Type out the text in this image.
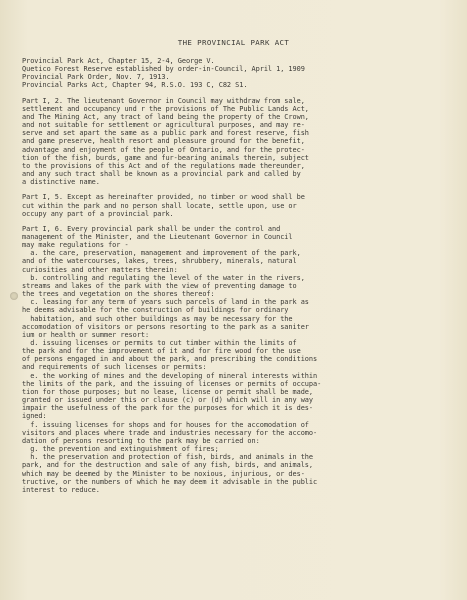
THE PROVINCIAL PARK ACT
Provincial Park Act, Chapter 15, 2-4, George V.
Quetico Forest Reserve established by order-in-Council, April 1, 1909
Provincial Park Order, Nov. 7, 1913.
Provincial Parks Act, Chapter 94, R.S.O. 193 C, C82 S1.
Part I, 2. The lieutenant Governor in Council may withdraw from sale,
settlement and occupancy und r the provisions of The Public Lands Act,
and The Mining Act, any tract of land being the property of the Crown,
and not suitable for settlement or agricultural purposes, and may re-
serve and set apart the same as a public park and forest reserve, fish
and game preserve, health resort and pleasure ground for the benefit,
advantage and enjoyment of the people of Ontario, and for the protec-
tion of the fish, burds, game and fur-bearing animals therein, subject
to the provisions of this Act and of the regulations made thereunder,
and any such tract shall be known as a provincial park and called by
a distinctive name.
Part I, 5. Except as hereinafter provided, no timber or wood shall be
cut within the park and no person shall locate, settle upon, use or
occupy any part of a provincial park.
Part I, 6. Every provincial park shall be under the control and
management of the Minister, and the Lieutenant Governor in Council
may make regulations for -
a. the care, preservation, management and improvement of the park,
and of the watercourses, lakes, trees, shrubbery, minerals, natural
curiosities and other matters therein:
b. controlling and regulating the level of the water in the rivers,
streams and lakes of the park with the view of preventing damage to
the trees and vegetation on the shores thereof:
c. leasing for any term of years such parcels of land in the park as
he deems advisable for the construction of buildings for ordinary
habitation, and such other buildings as may be necessary for the
accomodation of visitors or persons resorting to the park as a saniter
ium or health or summer resort:
d. issuing licenses or permits to cut timber within the limits of
the park and for the improvement of it and for fire wood for the use
of persons engaged in and about the park, and prescribing the conditions
and requirements of such licenses or permits:
e. the working of mines and the developing of mineral interests within
the limits of the park, and the issuing of licenses or permits of occupa-
tion for those purposes; but no lease, license or permit shall be made,
granted or issued under this or clause (c) or (d) which will in any way
impair the usefulness of the park for the purposes for which it is des-
igned:
f. issuing licenses for shops and for houses for the accomodation of
visitors and places where trade and industries necessary for the accomo-
dation of persons resorting to the park may be carried on:
g. the prevention and extinguishment of fires;
h. the preservation and protection of fish, birds, and animals in the
park, and for the destruction and sale of any fish, birds, and animals,
which may be deemed by the Minister to be noxious, injurious, or des-
tructive, or the numbers of which he may deem it advisable in the public
interest to reduce.
